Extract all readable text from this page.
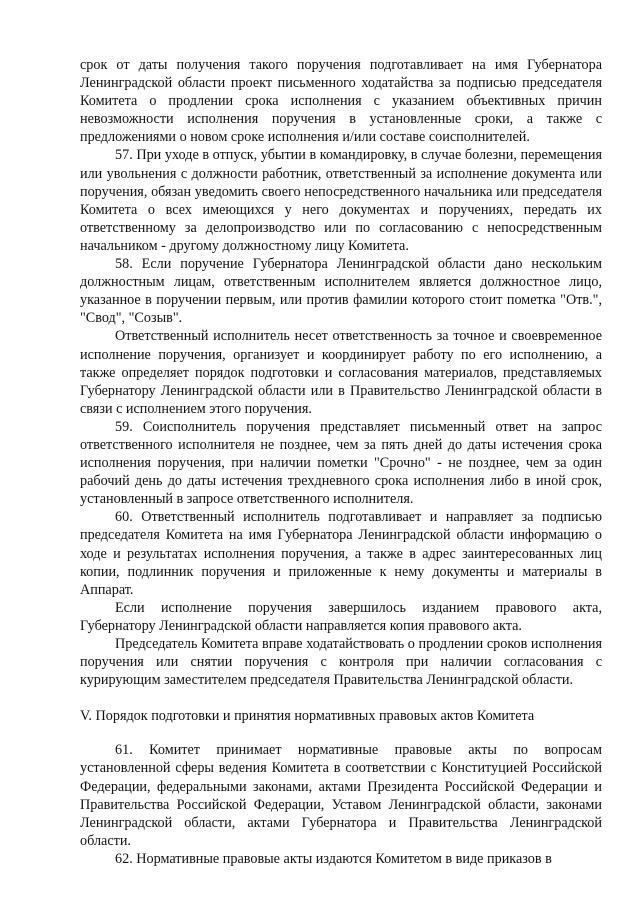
срок от даты получения такого поручения подготавливает на имя Губернатора Ленинградской области проект письменного ходатайства за подписью председателя Комитета о продлении срока исполнения с указанием объективных причин невозможности исполнения поручения в установленные сроки, а также с предложениями о новом сроке исполнения и/или составе соисполнителей.

57. При уходе в отпуск, убытии в командировку, в случае болезни, перемещения или увольнения с должности работник, ответственный за исполнение документа или поручения, обязан уведомить своего непосредственного начальника или председателя Комитета о всех имеющихся у него документах и поручениях, передать их ответственному за делопроизводство или по согласованию с непосредственным начальником - другому должностному лицу Комитета.

58. Если поручение Губернатора Ленинградской области дано нескольким должностным лицам, ответственным исполнителем является должностное лицо, указанное в поручении первым, или против фамилии которого стоит пометка "Отв.", "Свод", "Созыв".

Ответственный исполнитель несет ответственность за точное и своевременное исполнение поручения, организует и координирует работу по его исполнению, а также определяет порядок подготовки и согласования материалов, представляемых Губернатору Ленинградской области или в Правительство Ленинградской области в связи с исполнением этого поручения.

59. Соисполнитель поручения представляет письменный ответ на запрос ответственного исполнителя не позднее, чем за пять дней до даты истечения срока исполнения поручения, при наличии пометки "Срочно" - не позднее, чем за один рабочий день до даты истечения трехдневного срока исполнения либо в иной срок, установленный в запросе ответственного исполнителя.

60. Ответственный исполнитель подготавливает и направляет за подписью председателя Комитета на имя Губернатора Ленинградской области информацию о ходе и результатах исполнения поручения, а также в адрес заинтересованных лиц копии, подлинник поручения и приложенные к нему документы и материалы в Аппарат.

Если исполнение поручения завершилось изданием правового акта, Губернатору Ленинградской области направляется копия правового акта.

Председатель Комитета вправе ходатайствовать о продлении сроков исполнения поручения или снятии поручения с контроля при наличии согласования с курирующим заместителем председателя Правительства Ленинградской области.

V. Порядок подготовки и принятия нормативных правовых актов Комитета

61. Комитет принимает нормативные правовые акты по вопросам установленной сферы ведения Комитета в соответствии с Конституцией Российской Федерации, федеральными законами, актами Президента Российской Федерации и Правительства Российской Федерации, Уставом Ленинградской области, законами Ленинградской области, актами Губернатора и Правительства Ленинградской области.

62. Нормативные правовые акты издаются Комитетом в виде приказов в
